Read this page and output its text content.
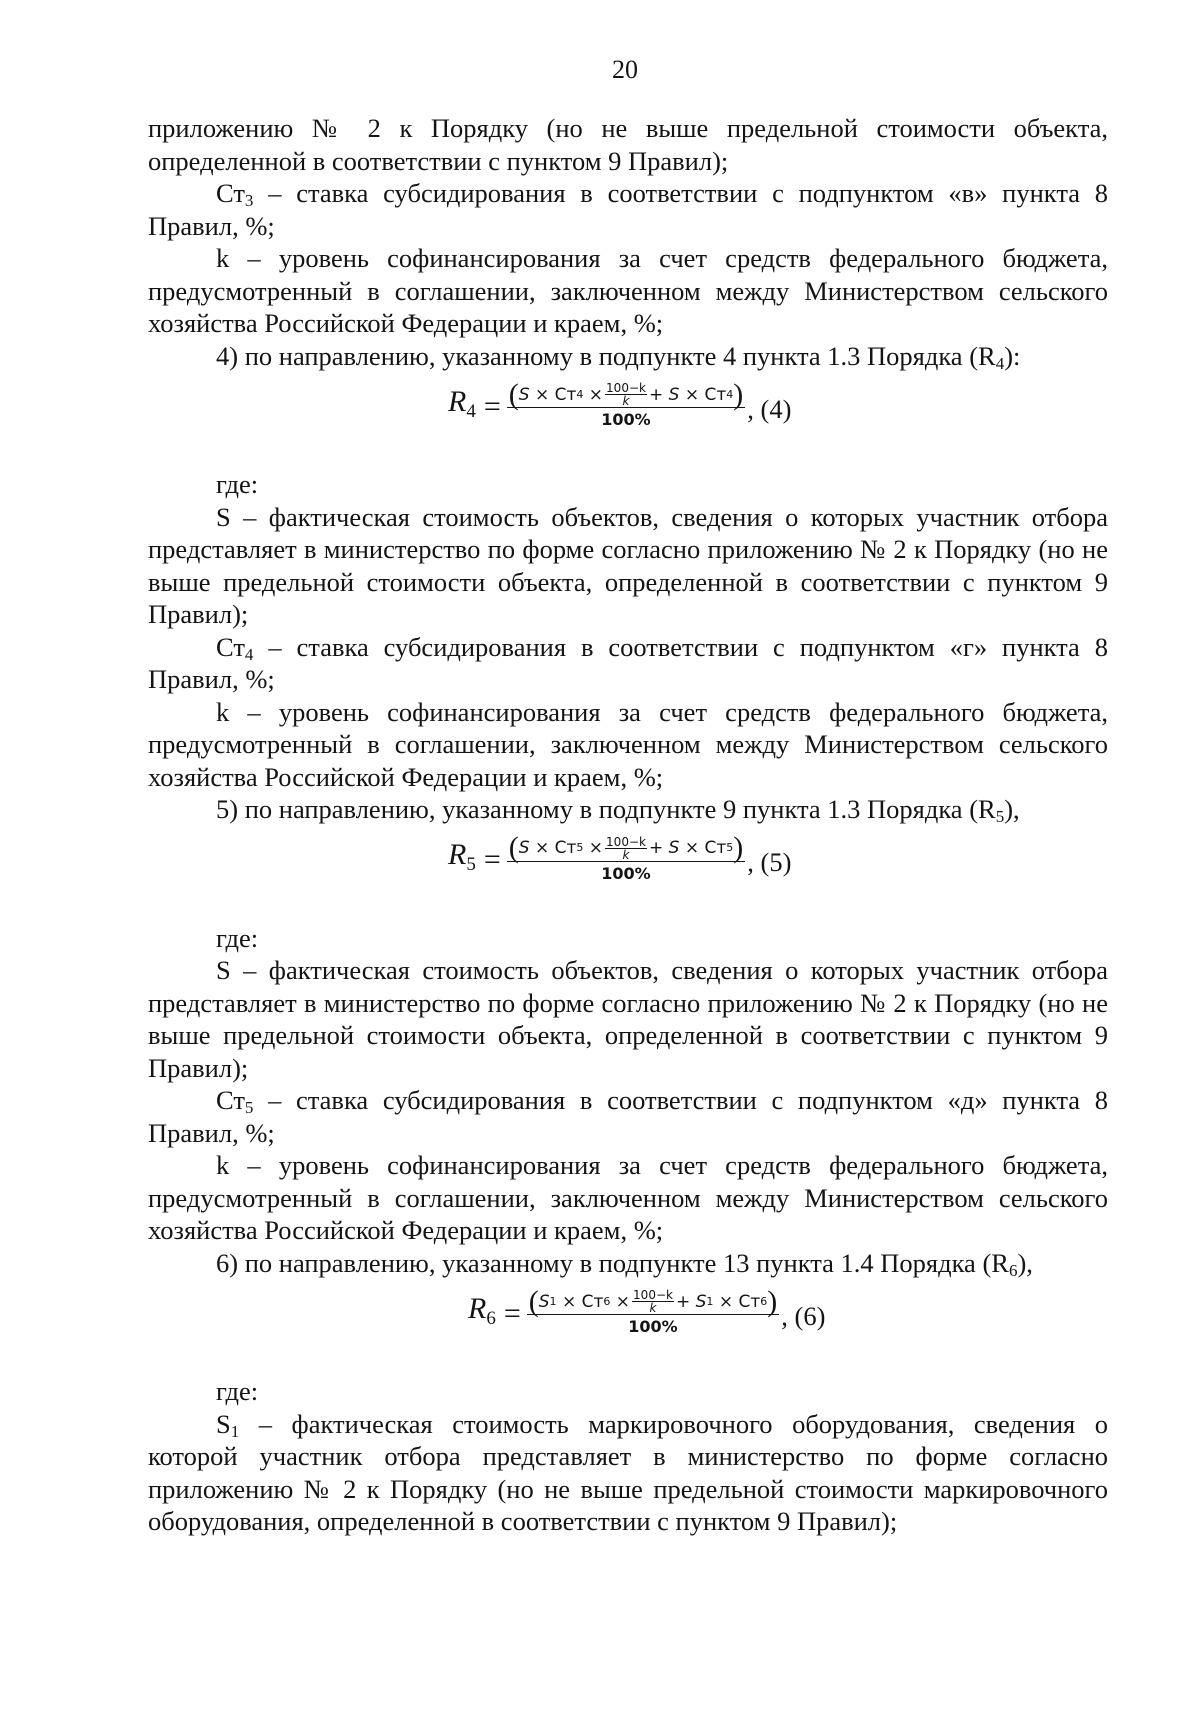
20

приложению № 2 к Порядку (но не выше предельной стоимости объекта, определенной в соответствии с пунктом 9 Правил);

$Ст_3$ – ставка субсидирования в соответствии с подпунктом «в» пункта 8 Правил, %;

k – уровень софинансирования за счет средств федерального бюджета, предусмотренный в соглашении, заключенном между Министерством сельского хозяйства Российской Федерации и краем, %;

4) по направлению, указанному в подпункте 4 пункта 1.3 Порядка $(R_4)$:

$R_4$ = ( S × Ст 4 × 100−k
k + S × Ст 4 )
100%	, (4)

где:

S – фактическая стоимость объектов, сведения о которых участник отбора представляет в министерство по форме согласно приложению № 2 к Порядку (но не выше предельной стоимости объекта, определенной в соответствии с пунктом 9 Правил);

$Ст_4$ – ставка субсидирования в соответствии с подпунктом «г» пункта 8 Правил, %;

k – уровень софинансирования за счет средств федерального бюджета, предусмотренный в соглашении, заключенном между Министерством сельского хозяйства Российской Федерации и краем, %;

5) по направлению, указанному в подпункте 9 пункта 1.3 Порядка $(R_5)$,

$R_5$ = ( S × Ст 5 × 100−k
k + S × Ст 5 )
100%	, (5)

где:

S – фактическая стоимость объектов, сведения о которых участник отбора представляет в министерство по форме согласно приложению № 2 к Порядку (но не выше предельной стоимости объекта, определенной в соответствии с пунктом 9 Правил);

$Ст_5$ – ставка субсидирования в соответствии с подпунктом «д» пункта 8 Правил, %;

k – уровень софинансирования за счет средств федерального бюджета, предусмотренный в соглашении, заключенном между Министерством сельского хозяйства Российской Федерации и краем, %;

6) по направлению, указанному в подпункте 13 пункта 1.4 Порядка $(R_6)$,

$R_6$ = ( S 1 × Ст 6 × 100−k
k + S 1 × Ст 6 )
100%	, (6)

где:

$S_1$ – фактическая стоимость маркировочного оборудования, сведения о которой участник отбора представляет в министерство по форме согласно приложению № 2 к Порядку (но не выше предельной стоимости маркировочного оборудования, определенной в соответствии с пунктом 9 Правил);
